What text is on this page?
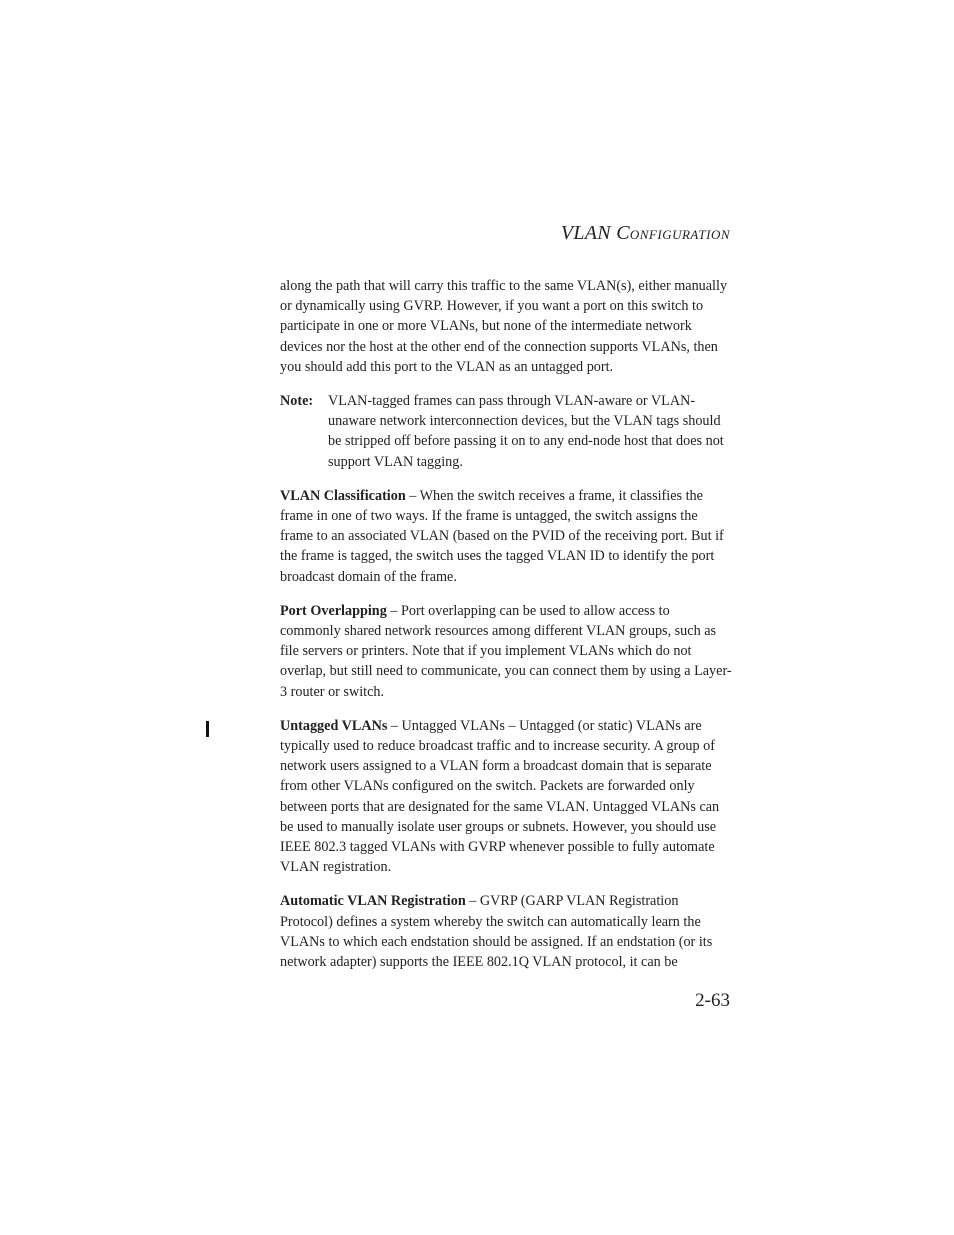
VLAN CONFIGURATION

along the path that will carry this traffic to the same VLAN(s), either manually or dynamically using GVRP. However, if you want a port on this switch to participate in one or more VLANs, but none of the intermediate network devices nor the host at the other end of the connection supports VLANs, then you should add this port to the VLAN as an untagged port.

Note:	VLAN-tagged frames can pass through VLAN-aware or VLAN-unaware network interconnection devices, but the VLAN tags should be stripped off before passing it on to any end-node host that does not support VLAN tagging.

VLAN Classification – When the switch receives a frame, it classifies the frame in one of two ways. If the frame is untagged, the switch assigns the frame to an associated VLAN (based on the PVID of the receiving port. But if the frame is tagged, the switch uses the tagged VLAN ID to identify the port broadcast domain of the frame.

Port Overlapping – Port overlapping can be used to allow access to commonly shared network resources among different VLAN groups, such as file servers or printers. Note that if you implement VLANs which do not overlap, but still need to communicate, you can connect them by using a Layer-3 router or switch.

Untagged VLANs – Untagged VLANs – Untagged (or static) VLANs are typically used to reduce broadcast traffic and to increase security. A group of network users assigned to a VLAN form a broadcast domain that is separate from other VLANs configured on the switch. Packets are forwarded only between ports that are designated for the same VLAN. Untagged VLANs can be used to manually isolate user groups or subnets. However, you should use IEEE 802.3 tagged VLANs with GVRP whenever possible to fully automate VLAN registration.

Automatic VLAN Registration – GVRP (GARP VLAN Registration Protocol) defines a system whereby the switch can automatically learn the VLANs to which each endstation should be assigned. If an endstation (or its network adapter) supports the IEEE 802.1Q VLAN protocol, it can be

2-63
